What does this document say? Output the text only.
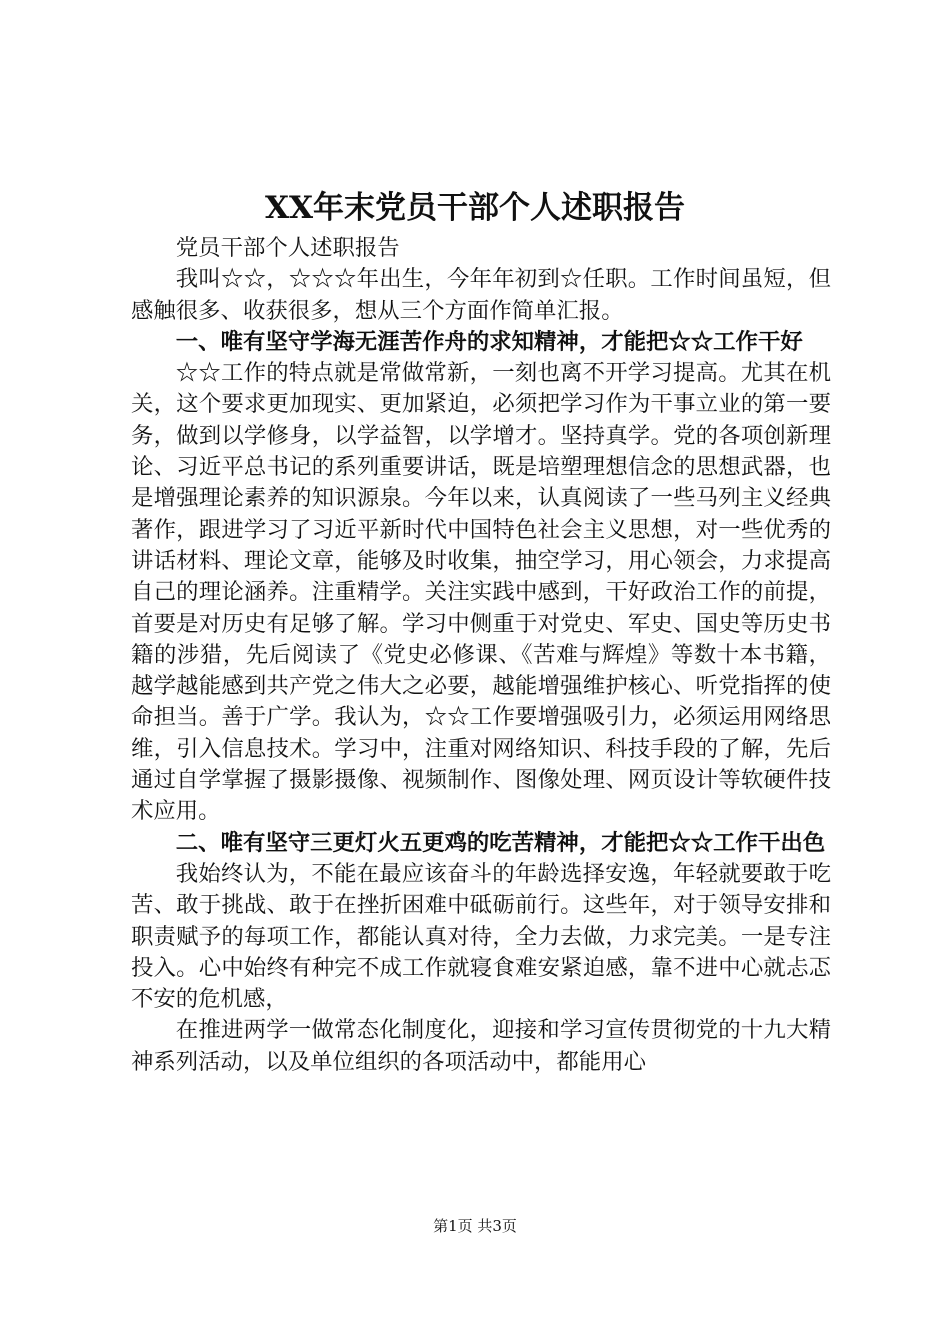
XX年末党员干部个人述职报告

党员干部个人述职报告

我叫☆☆，☆☆☆年出生，今年年初到☆任职。工作时间虽短，但感触很多、收获很多，想从三个方面作简单汇报。

一、唯有坚守学海无涯苦作舟的求知精神，才能把☆☆工作干好

☆☆工作的特点就是常做常新，一刻也离不开学习提高。尤其在机关，这个要求更加现实、更加紧迫，必须把学习作为干事立业的第一要务，做到以学修身，以学益智，以学增才。坚持真学。党的各项创新理论、习近平总书记的系列重要讲话，既是培塑理想信念的思想武器，也是增强理论素养的知识源泉。今年以来，认真阅读了一些马列主义经典著作，跟进学习了习近平新时代中国特色社会主义思想，对一些优秀的讲话材料、理论文章，能够及时收集，抽空学习，用心领会，力求提高自己的理论涵养。注重精学。关注实践中感到，干好政治工作的前提，首要是对历史有足够了解。学习中侧重于对党史、军史、国史等历史书籍的涉猎，先后阅读了《党史必修课、《苦难与辉煌》等数十本书籍，越学越能感到共产党之伟大之必要，越能增强维护核心、听党指挥的使命担当。善于广学。我认为，☆☆工作要增强吸引力，必须运用网络思维，引入信息技术。学习中，注重对网络知识、科技手段的了解，先后通过自学掌握了摄影摄像、视频制作、图像处理、网页设计等软硬件技术应用。

二、唯有坚守三更灯火五更鸡的吃苦精神，才能把☆☆工作干出色

我始终认为，不能在最应该奋斗的年龄选择安逸，年轻就要敢于吃苦、敢于挑战、敢于在挫折困难中砥砺前行。这些年，对于领导安排和职责赋予的每项工作，都能认真对待，全力去做，力求完美。一是专注投入。心中始终有种完不成工作就寝食难安紧迫感，靠不进中心就忐忑不安的危机感，

在推进两学一做常态化制度化，迎接和学习宣传贯彻党的十九大精神系列活动，以及单位组织的各项活动中，都能用心

第1页 共3页
